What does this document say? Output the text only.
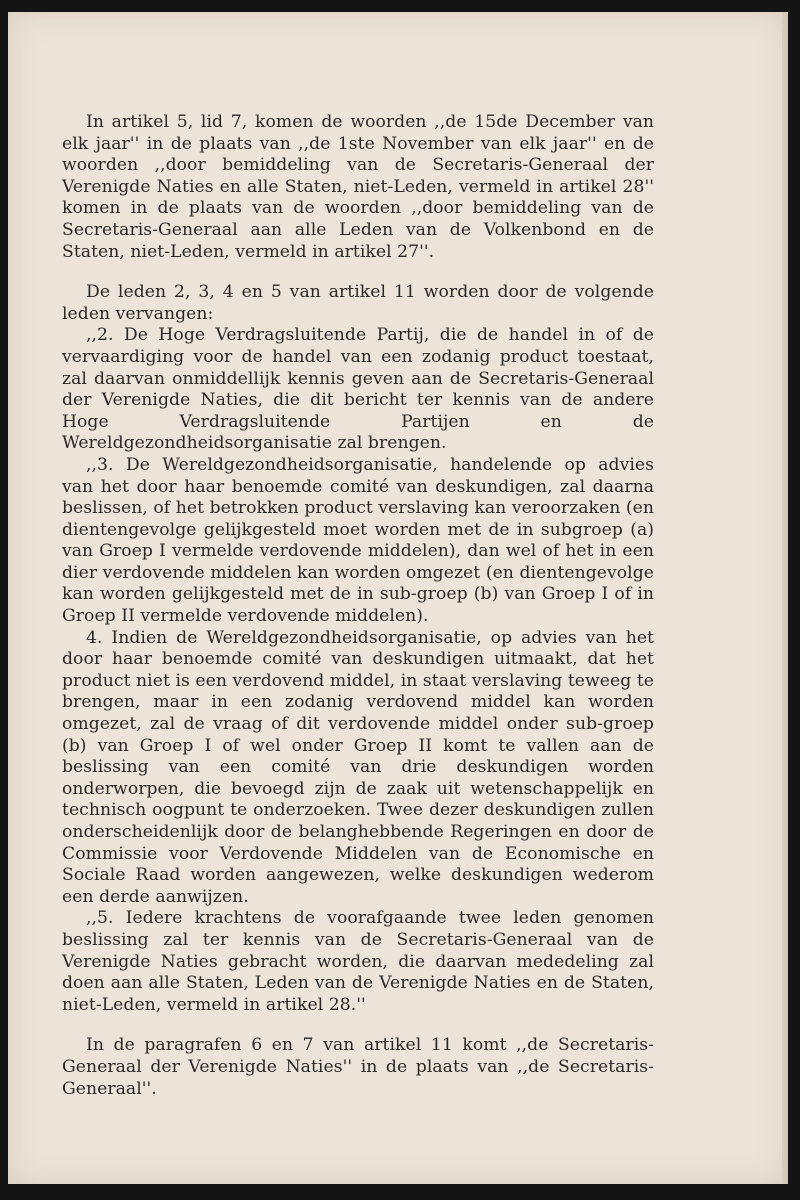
In artikel 5, lid 7, komen de woorden ,,de 15de December van elk jaar'' in de plaats van ,,de 1ste November van elk jaar'' en de woorden ,,door bemiddeling van de Secretaris-Generaal der Verenigde Naties en alle Staten, niet-Leden, vermeld in artikel 28'' komen in de plaats van de woorden ,,door bemiddeling van de Secretaris-Generaal aan alle Leden van de Volkenbond en de Staten, niet-Leden, vermeld in artikel 27''.

De leden 2, 3, 4 en 5 van artikel 11 worden door de volgende leden vervangen:

,,2. De Hoge Verdragsluitende Partij, die de handel in of de vervaardiging voor de handel van een zodanig product toestaat, zal daarvan onmiddellijk kennis geven aan de Secretaris-Generaal der Verenigde Naties, die dit bericht ter kennis van de andere Hoge Verdragsluitende Partijen en de Wereldgezondheidsorganisatie zal brengen.

,,3. De Wereldgezondheidsorganisatie, handelende op advies van het door haar benoemde comité van deskundigen, zal daarna beslissen, of het betrokken product verslaving kan veroorzaken (en dientengevolge gelijkgesteld moet worden met de in subgroep (a) van Groep I vermelde verdovende middelen), dan wel of het in een dier verdovende middelen kan worden omgezet (en dientengevolge kan worden gelijkgesteld met de in sub-groep (b) van Groep I of in Groep II vermelde verdovende middelen).

4. Indien de Wereldgezondheidsorganisatie, op advies van het door haar benoemde comité van deskundigen uitmaakt, dat het product niet is een verdovend middel, in staat verslaving teweeg te brengen, maar in een zodanig verdovend middel kan worden omgezet, zal de vraag of dit verdovende middel onder sub-groep (b) van Groep I of wel onder Groep II komt te vallen aan de beslissing van een comité van drie deskundigen worden onderworpen, die bevoegd zijn de zaak uit wetenschappelijk en technisch oogpunt te onderzoeken. Twee dezer deskundigen zullen onderscheidenlijk door de belanghebbende Regeringen en door de Commissie voor Verdovende Middelen van de Economische en Sociale Raad worden aangewezen, welke deskundigen wederom een derde aanwijzen.

,,5. Iedere krachtens de voorafgaande twee leden genomen beslissing zal ter kennis van de Secretaris-Generaal van de Verenigde Naties gebracht worden, die daarvan mededeling zal doen aan alle Staten, Leden van de Verenigde Naties en de Staten, niet-Leden, vermeld in artikel 28.''

In de paragrafen 6 en 7 van artikel 11 komt ,,de Secretaris-Generaal der Verenigde Naties'' in de plaats van ,,de Secretaris-Generaal''.
